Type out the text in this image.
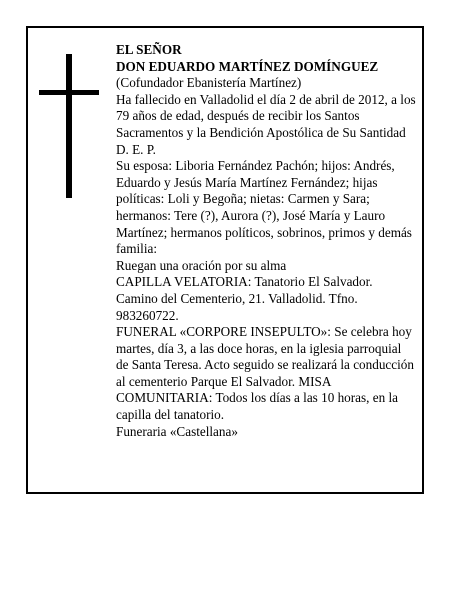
EL SEÑOR

DON EDUARDO MARTÍNEZ DOMÍNGUEZ

(Cofundador Ebanistería Martínez)

Ha fallecido en Valladolid el día 2 de abril de 2012, a los 79 años de edad, después de recibir los Santos Sacramentos y la Bendición Apostólica de Su Santidad

D. E. P.

Su esposa: Liboria Fernández Pachón; hijos: Andrés, Eduardo y Jesús María Martínez Fernández; hijas políticas: Loli y Begoña; nietas: Carmen y Sara; hermanos: Tere (?), Aurora (?), José María y Lauro Martínez; hermanos políticos, sobrinos, primos y demás familia:

Ruegan una oración por su alma

CAPILLA VELATORIA: Tanatorio El Salvador. Camino del Cementerio, 21. Valladolid. Tfno. 983260722.

FUNERAL «CORPORE INSEPULTO»: Se celebra hoy martes, día 3, a las doce horas, en la iglesia parroquial de Santa Teresa. Acto seguido se realizará la conducción al cementerio Parque El Salvador. MISA COMUNITARIA: Todos los días a las 10 horas, en la capilla del tanatorio.

Funeraria «Castellana»
